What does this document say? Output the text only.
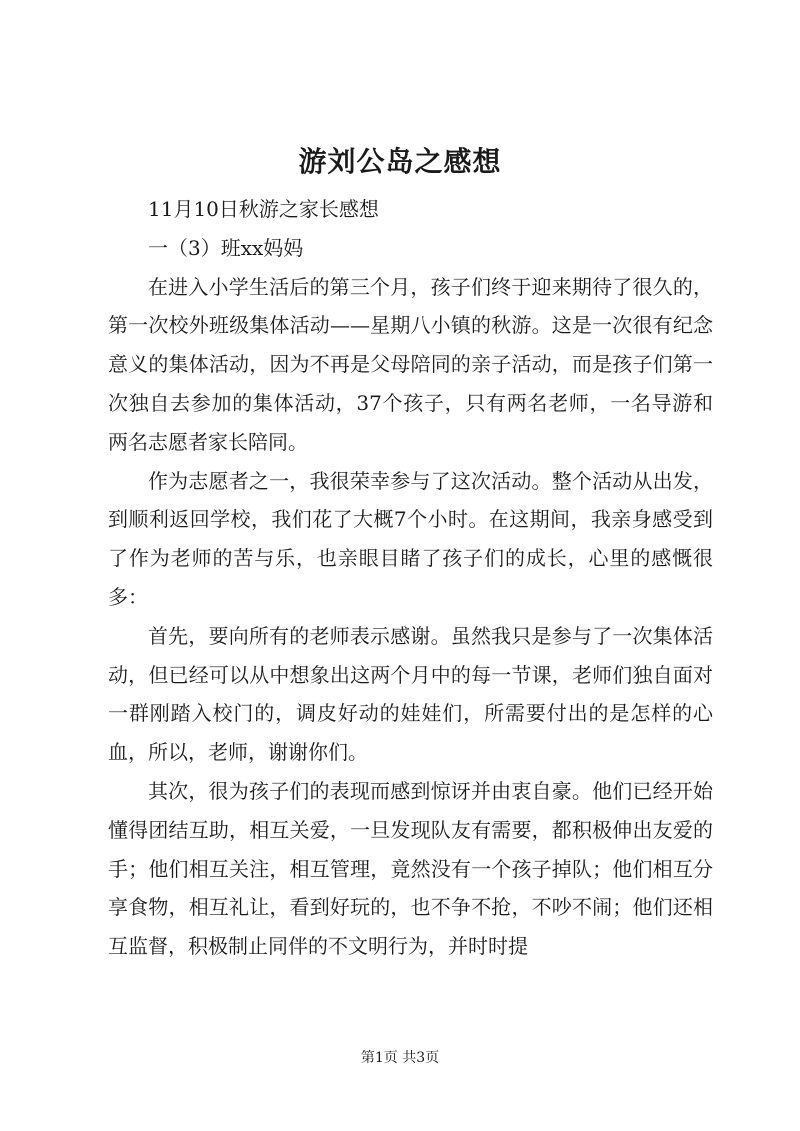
游刘公岛之感想

11月10日秋游之家长感想

一（3）班xx妈妈

在进入小学生活后的第三个月，孩子们终于迎来期待了很久的，第一次校外班级集体活动——星期八小镇的秋游。这是一次很有纪念意义的集体活动，因为不再是父母陪同的亲子活动，而是孩子们第一次独自去参加的集体活动，37个孩子，只有两名老师，一名导游和两名志愿者家长陪同。

作为志愿者之一，我很荣幸参与了这次活动。整个活动从出发，到顺利返回学校，我们花了大概7个小时。在这期间，我亲身感受到了作为老师的苦与乐，也亲眼目睹了孩子们的成长，心里的感慨很多：

首先，要向所有的老师表示感谢。虽然我只是参与了一次集体活动，但已经可以从中想象出这两个月中的每一节课，老师们独自面对一群刚踏入校门的，调皮好动的娃娃们，所需要付出的是怎样的心血，所以，老师，谢谢你们。

其次，很为孩子们的表现而感到惊讶并由衷自豪。他们已经开始懂得团结互助，相互关爱，一旦发现队友有需要，都积极伸出友爱的手；他们相互关注，相互管理，竟然没有一个孩子掉队；他们相互分享食物，相互礼让，看到好玩的，也不争不抢，不吵不闹；他们还相互监督，积极制止同伴的不文明行为，并时时提

第1页 共3页
